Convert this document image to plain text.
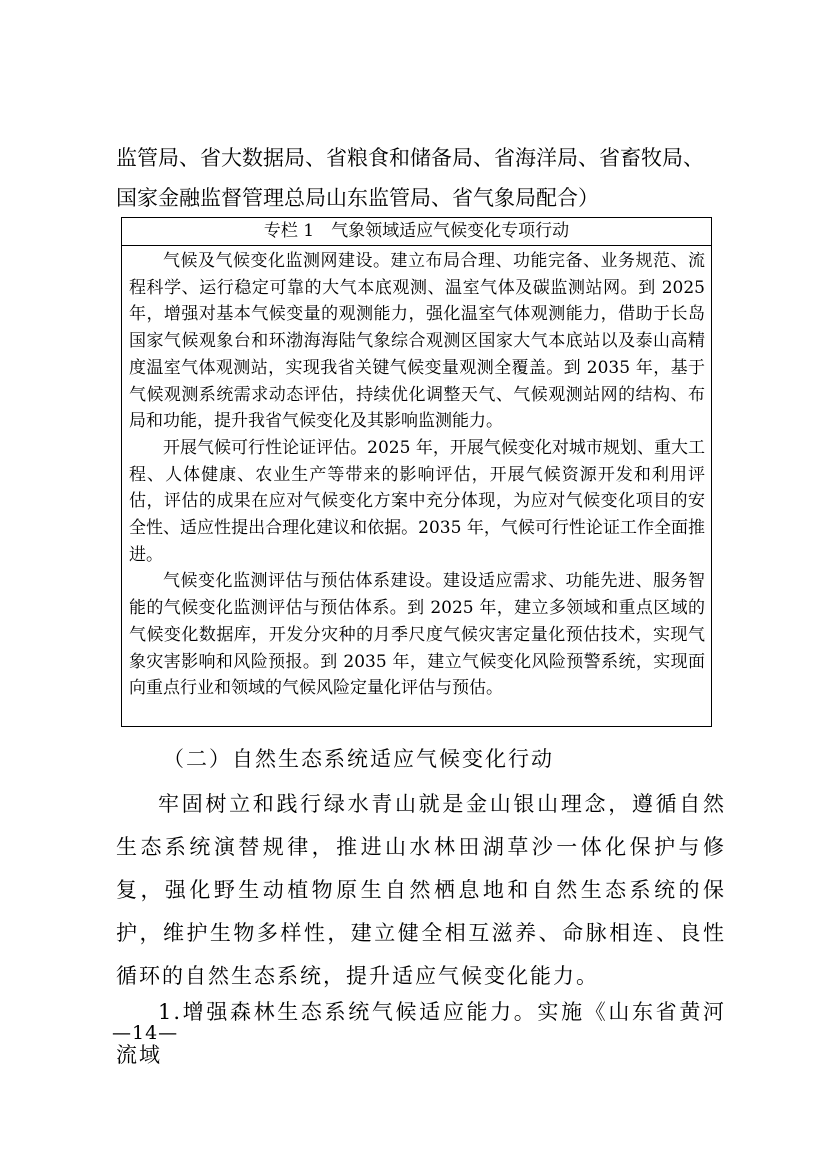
监管局、省大数据局、省粮食和储备局、省海洋局、省畜牧局、
国家金融监督管理总局山东监管局、省气象局配合）
专栏 1　气象领域适应气候变化专项行动

气候及气候变化监测网建设。建立布局合理、功能完备、业务规范、流程科学、运行稳定可靠的大气本底观测、温室气体及碳监测站网。到 2025 年，增强对基本气候变量的观测能力，强化温室气体观测能力，借助于长岛国家气候观象台和环渤海海陆气象综合观测区国家大气本底站以及泰山高精度温室气体观测站，实现我省关键气候变量观测全覆盖。到 2035 年，基于气候观测系统需求动态评估，持续优化调整天气、气候观测站网的结构、布局和功能，提升我省气候变化及其影响监测能力。

开展气候可行性论证评估。2025 年，开展气候变化对城市规划、重大工程、人体健康、农业生产等带来的影响评估，开展气候资源开发和利用评估，评估的成果在应对气候变化方案中充分体现，为应对气候变化项目的安全性、适应性提出合理化建议和依据。2035 年，气候可行性论证工作全面推进。

气候变化监测评估与预估体系建设。建设适应需求、功能先进、服务智能的气候变化监测评估与预估体系。到 2025 年，建立多领域和重点区域的气候变化数据库，开发分灾种的月季尺度气候灾害定量化预估技术，实现气象灾害影响和风险预报。到 2035 年，建立气候变化风险预警系统，实现面向重点行业和领域的气候风险定量化评估与预估。

（二）自然生态系统适应气候变化行动

牢固树立和践行绿水青山就是金山银山理念，遵循自然生态系统演替规律，推进山水林田湖草沙一体化保护与修复，强化野生动植物原生自然栖息地和自然生态系统的保护，维护生物多样性，建立健全相互滋养、命脉相连、良性循环的自然生态系统，提升适应气候变化能力。

1.增强森林生态系统气候适应能力。实施《山东省黄河流域

—14—
